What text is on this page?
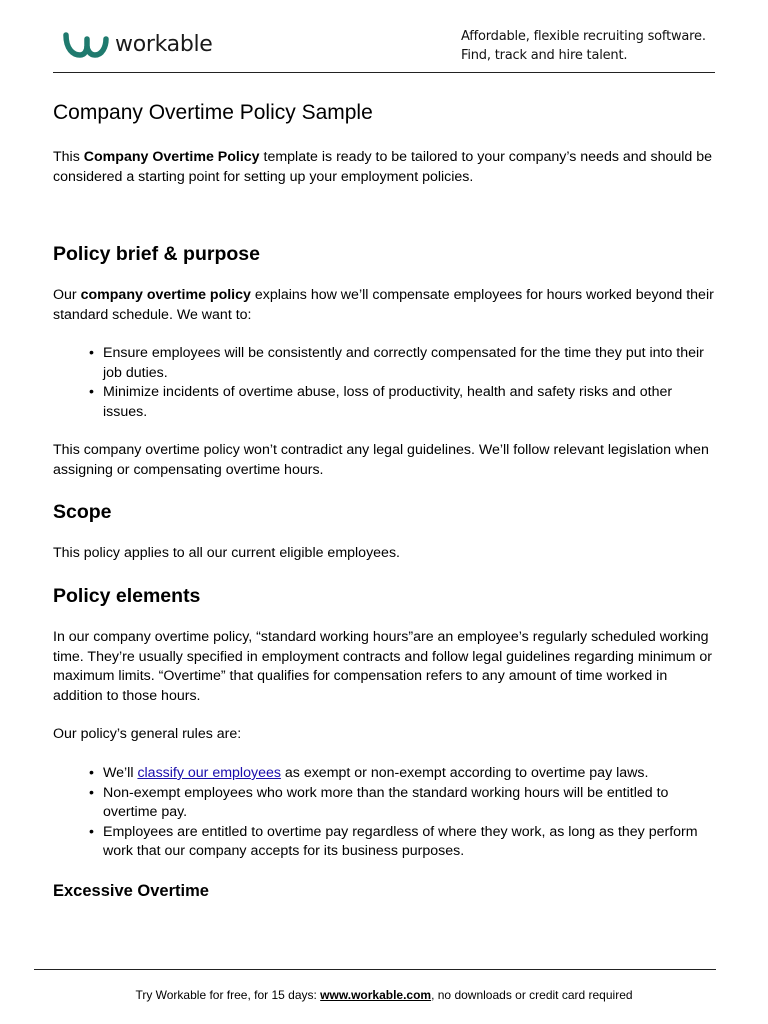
workable	Affordable, flexible recruiting software.
Find, track and hire talent.
Company Overtime Policy Sample

This Company Overtime Policy template is ready to be tailored to your company’s needs and should be considered a starting point for setting up your employment policies.

Policy brief & purpose

Our company overtime policy explains how we’ll compensate employees for hours worked beyond their standard schedule. We want to:

• Ensure employees will be consistently and correctly compensated for the time they put into their job duties.
• Minimize incidents of overtime abuse, loss of productivity, health and safety risks and other issues.

This company overtime policy won’t contradict any legal guidelines. We’ll follow relevant legislation when assigning or compensating overtime hours.

Scope

This policy applies to all our current eligible employees.

Policy elements

In our company overtime policy, “standard working hours”are an employee’s regularly scheduled working time. They’re usually specified in employment contracts and follow legal guidelines regarding minimum or maximum limits. “Overtime” that qualifies for compensation refers to any amount of time worked in addition to those hours.

Our policy’s general rules are:

• We’ll classify our employees as exempt or non-exempt according to overtime pay laws.
• Non-exempt employees who work more than the standard working hours will be entitled to overtime pay.
• Employees are entitled to overtime pay regardless of where they work, as long as they perform work that our company accepts for its business purposes.
Excessive Overtime
Try Workable for free, for 15 days: www.workable.com, no downloads or credit card required
